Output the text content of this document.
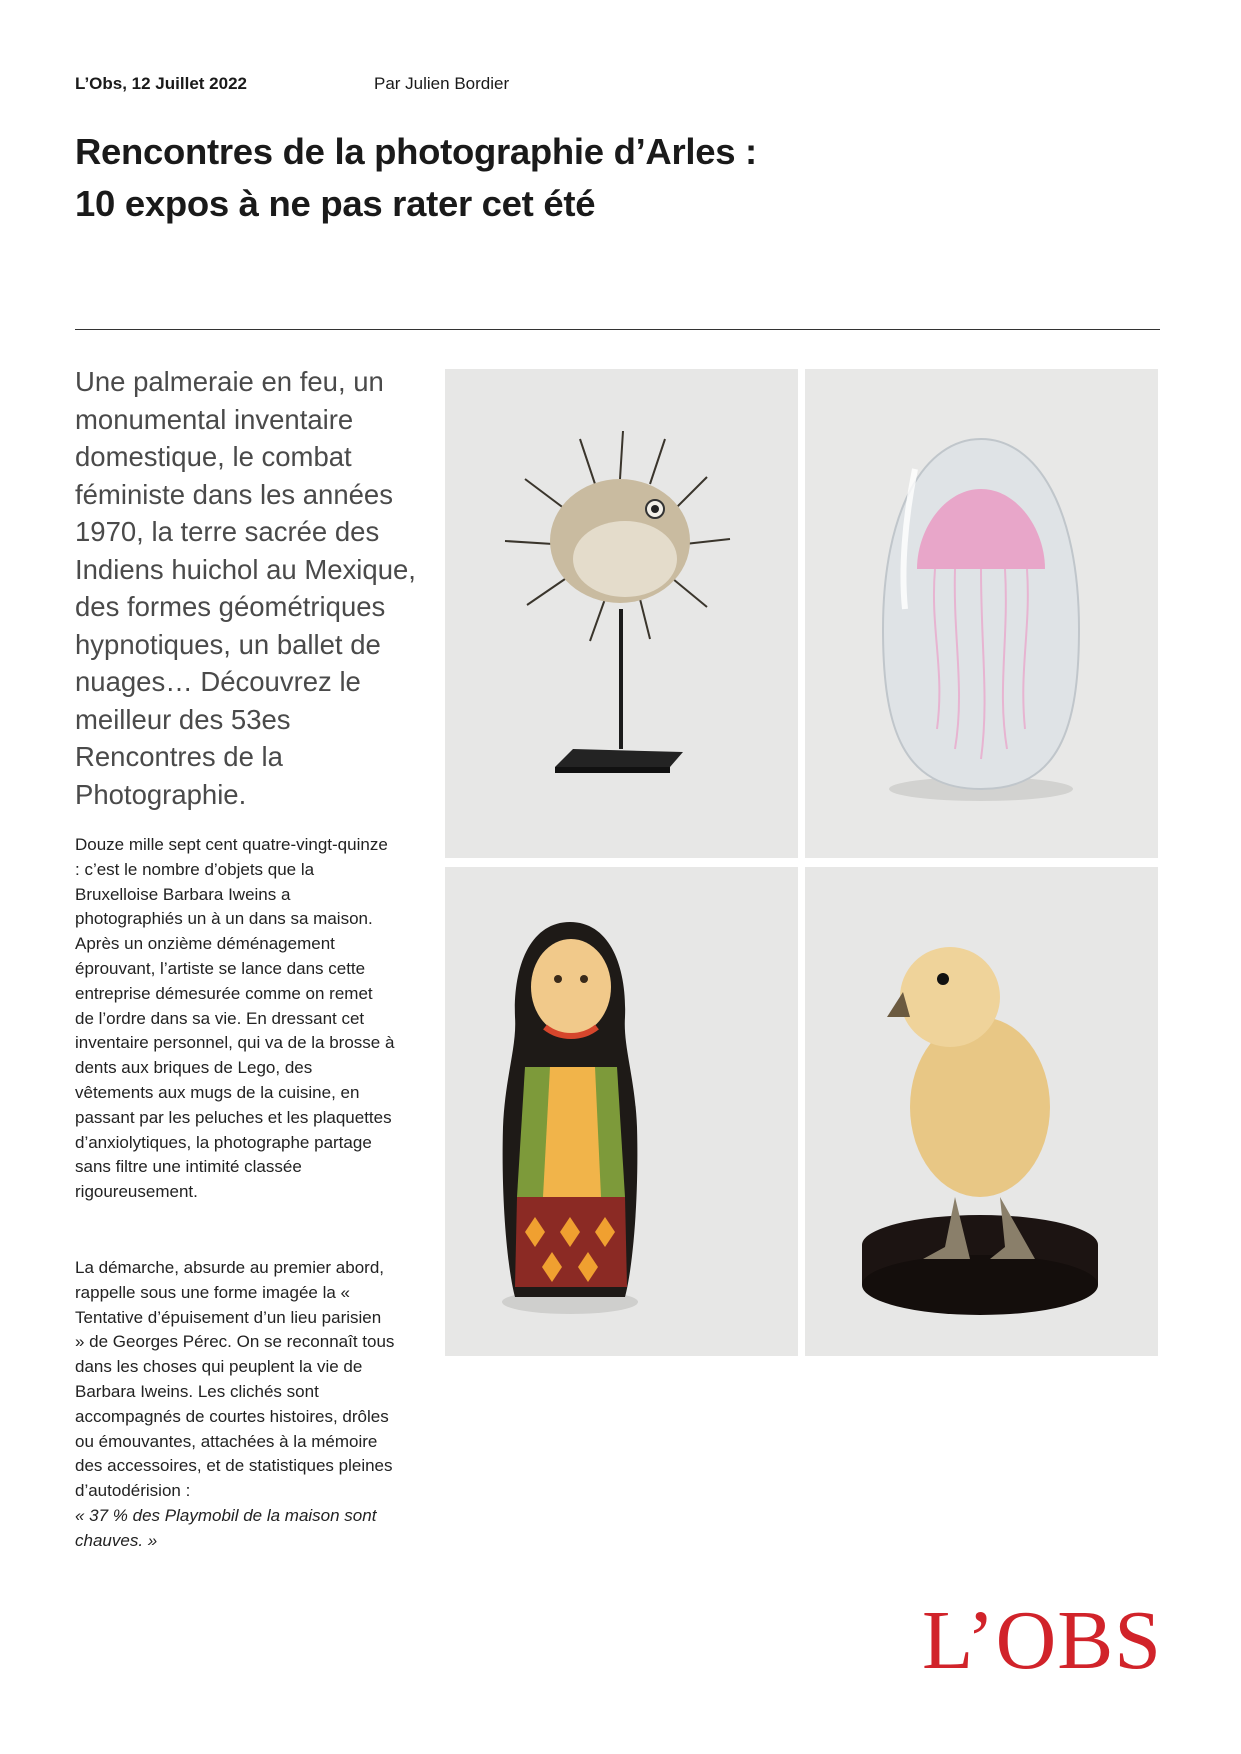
L’Obs, 12 Juillet 2022	Par Julien Bordier
Rencontres de la photographie d’Arles :
10 expos à ne pas rater cet été
Une palmeraie en feu, un monumental inventaire domestique, le combat féministe dans les années 1970, la terre sacrée des Indiens huichol au Mexique, des formes géométriques hypnotiques, un ballet de nuages… Découvrez le meilleur des 53es Rencontres de la Photographie.

Douze mille sept cent quatre-vingt-quinze : c’est le nombre d’objets que la Bruxelloise Barbara Iweins a photographiés un à un dans sa maison. Après un onzième déménagement éprouvant, l’artiste se lance dans cette entreprise démesurée comme on remet de l’ordre dans sa vie. En dressant cet inventaire personnel, qui va de la brosse à dents aux briques de Lego, des vêtements aux mugs de la cuisine, en passant par les peluches et les plaquettes d’anxiolytiques, la photographe partage sans filtre une intimité classée rigoureusement.

La démarche, absurde au premier abord, rappelle sous une forme imagée la « Tentative d’épuisement d’un lieu parisien » de Georges Pérec. On se reconnaît tous dans les choses qui peuplent la vie de Barbara Iweins. Les clichés sont accompagnés de courtes histoires, drôles ou émouvantes, attachées à la mémoire des accessoires, et de statistiques pleines d’autodérision :

« 37 % des Playmobil de la maison sont chauves. »

L’OBS
